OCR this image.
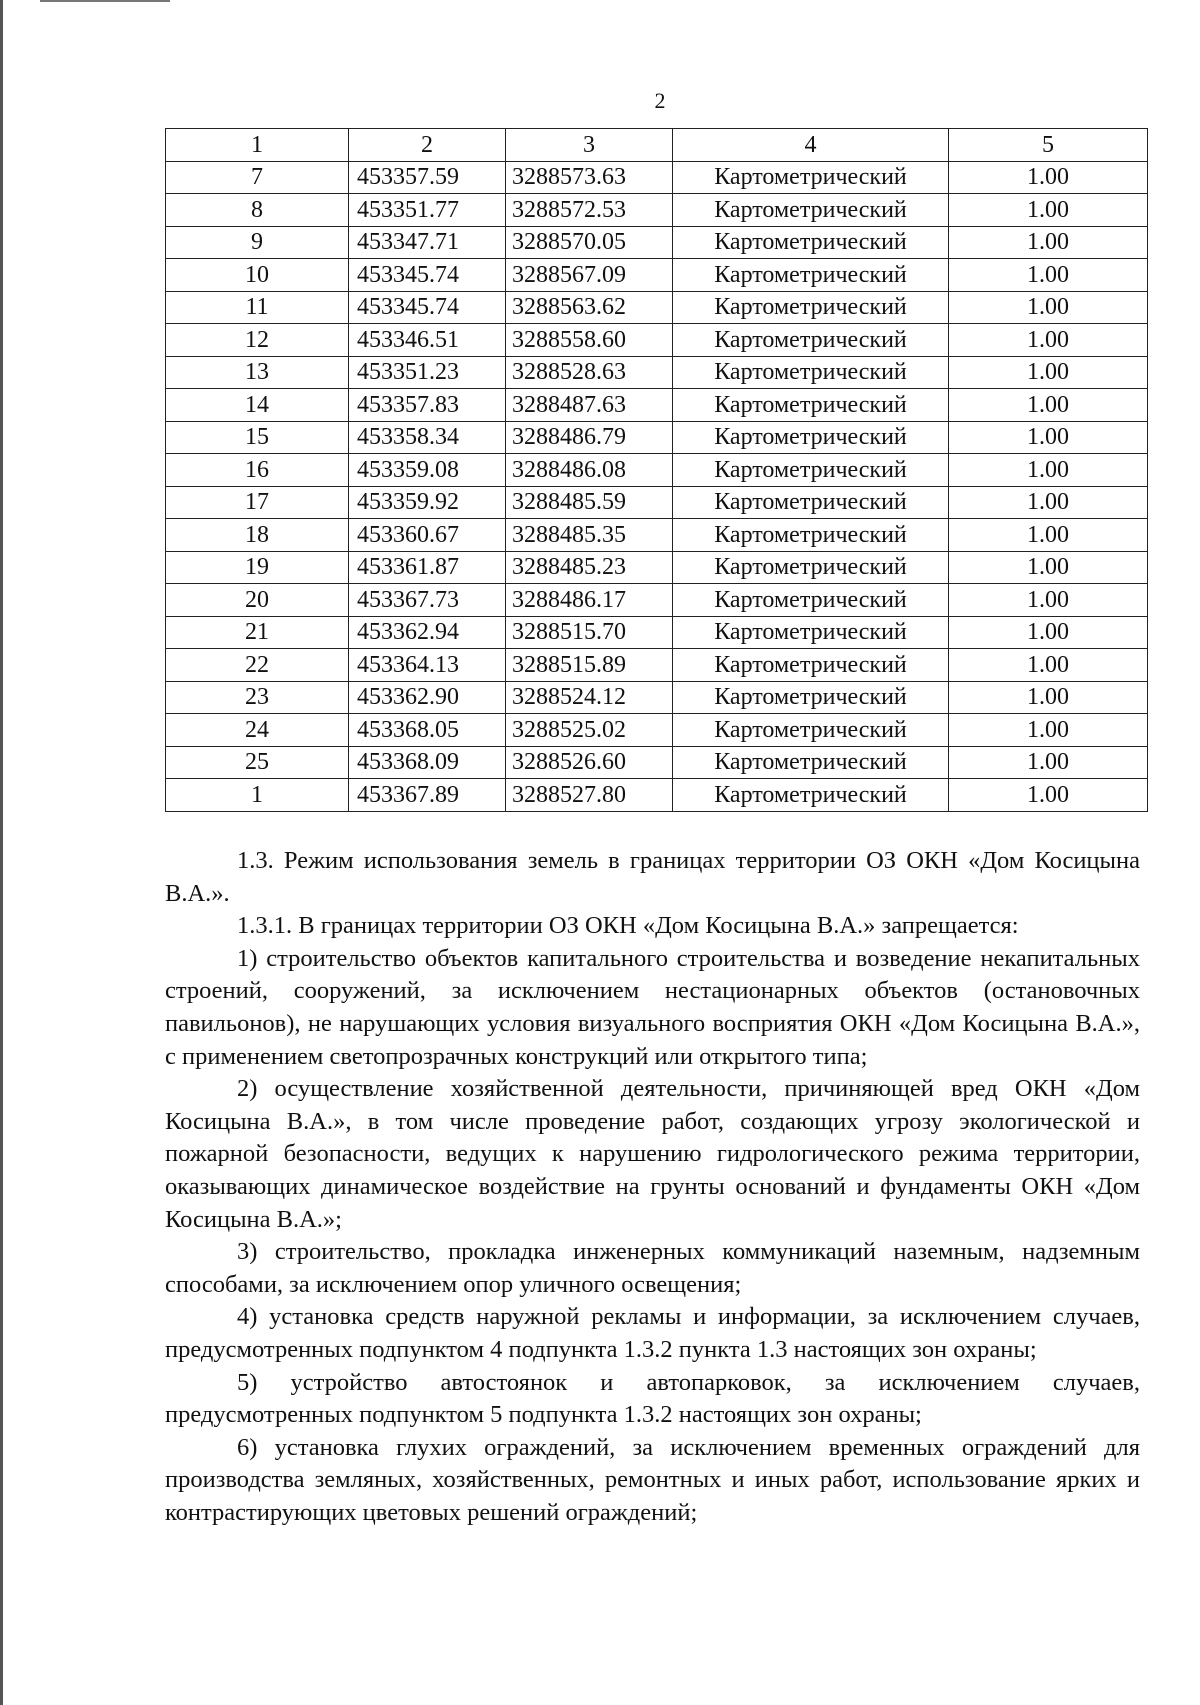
2
1	2	3	4	5
7	453357.59	3288573.63	Картометрический	1.00
8	453351.77	3288572.53	Картометрический	1.00
9	453347.71	3288570.05	Картометрический	1.00
10	453345.74	3288567.09	Картометрический	1.00
11	453345.74	3288563.62	Картометрический	1.00
12	453346.51	3288558.60	Картометрический	1.00
13	453351.23	3288528.63	Картометрический	1.00
14	453357.83	3288487.63	Картометрический	1.00
15	453358.34	3288486.79	Картометрический	1.00
16	453359.08	3288486.08	Картометрический	1.00
17	453359.92	3288485.59	Картометрический	1.00
18	453360.67	3288485.35	Картометрический	1.00
19	453361.87	3288485.23	Картометрический	1.00
20	453367.73	3288486.17	Картометрический	1.00
21	453362.94	3288515.70	Картометрический	1.00
22	453364.13	3288515.89	Картометрический	1.00
23	453362.90	3288524.12	Картометрический	1.00
24	453368.05	3288525.02	Картометрический	1.00
25	453368.09	3288526.60	Картометрический	1.00
1	453367.89	3288527.80	Картометрический	1.00

1.3. Режим использования земель в границах территории ОЗ ОКН «Дом Косицына В.А.».

1.3.1. В границах территории ОЗ ОКН «Дом Косицына В.А.» запрещается:

1) строительство объектов капитального строительства и возведение некапитальных строений, сооружений, за исключением нестационарных объектов (остановочных павильонов), не нарушающих условия визуального восприятия ОКН «Дом Косицына В.А.», с применением светопрозрачных конструкций или открытого типа;

2) осуществление хозяйственной деятельности, причиняющей вред ОКН «Дом Косицына В.А.», в том числе проведение работ, создающих угрозу экологической и пожарной безопасности, ведущих к нарушению гидрологического режима территории, оказывающих динамическое воздействие на грунты оснований и фундаменты ОКН «Дом Косицына В.А.»;

3) строительство, прокладка инженерных коммуникаций наземным, надземным способами, за исключением опор уличного освещения;

4) установка средств наружной рекламы и информации, за исключением случаев, предусмотренных подпунктом 4 подпункта 1.3.2 пункта 1.3 настоящих зон охраны;

5) устройство автостоянок и автопарковок, за исключением случаев, предусмотренных подпунктом 5 подпункта 1.3.2 настоящих зон охраны;

6) установка глухих ограждений, за исключением временных ограждений для производства земляных, хозяйственных, ремонтных и иных работ, использование ярких и контрастирующих цветовых решений ограждений;
